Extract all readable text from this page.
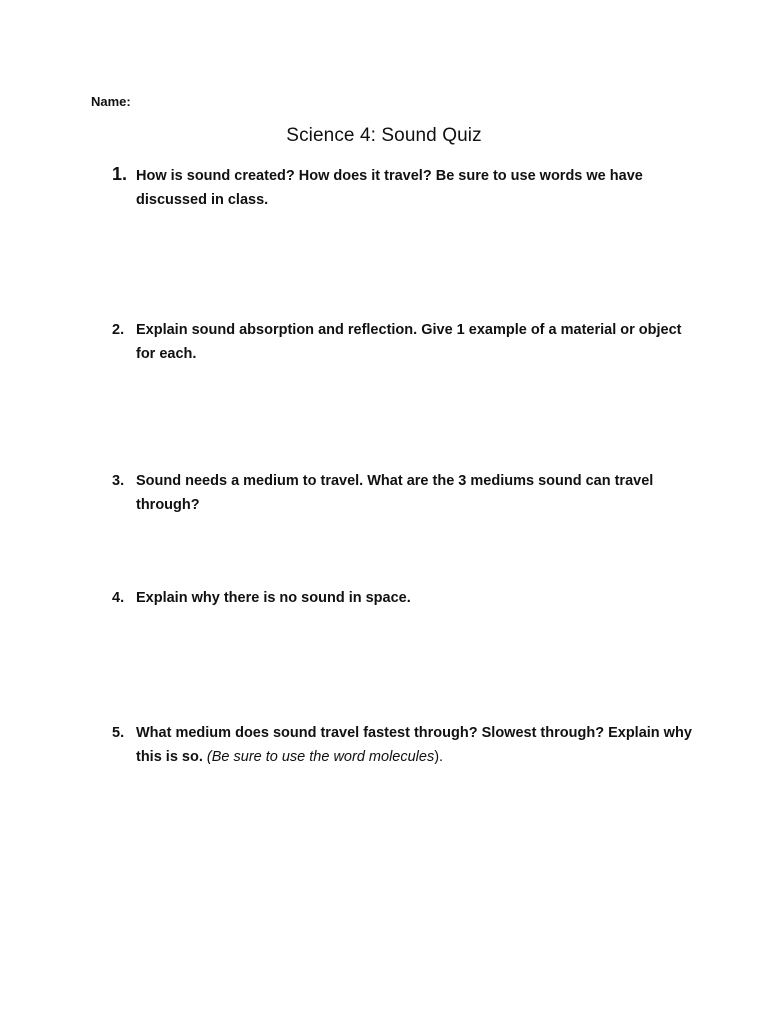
Name:
Science 4: Sound Quiz
1. How is sound created? How does it travel? Be sure to use words we have discussed in class.
2. Explain sound absorption and reflection. Give 1 example of a material or object for each.
3. Sound needs a medium to travel. What are the 3 mediums sound can travel through?
4. Explain why there is no sound in space.
5. What medium does sound travel fastest through? Slowest through? Explain why this is so. (Be sure to use the word molecules).
